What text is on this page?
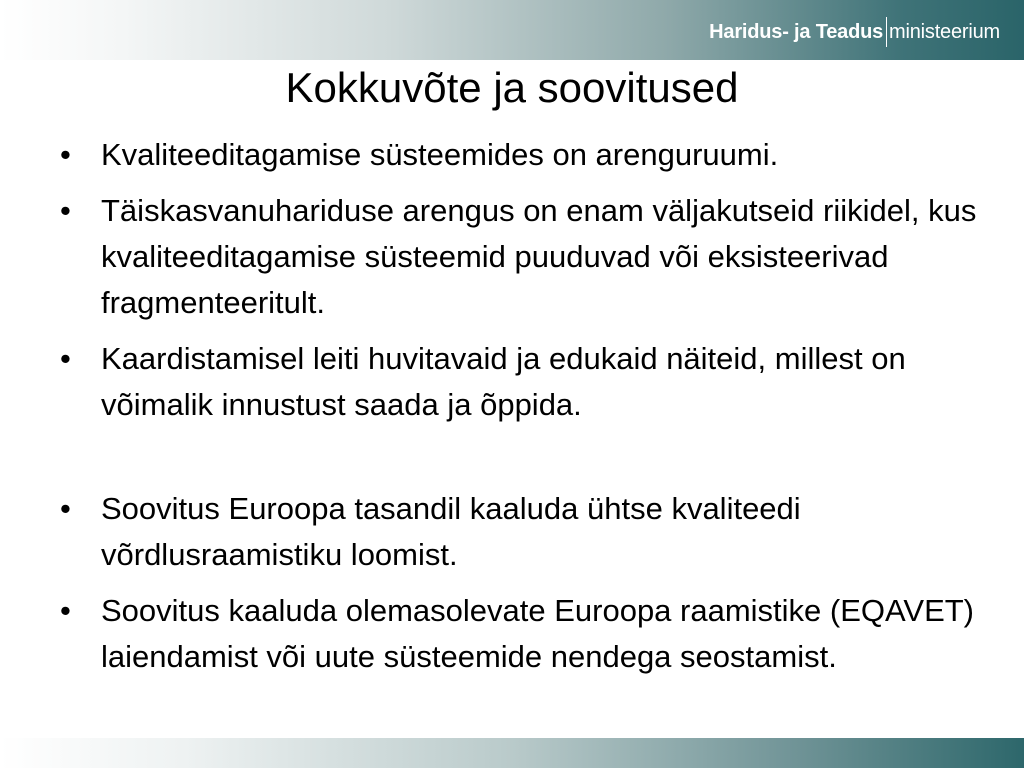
Haridus- ja Teadus ministeerium
Kokkuvõte ja soovitused
• Kvaliteeditagamise süsteemides on arenguruumi.
• Täiskasvanuhariduse arengus on enam väljakutseid riikidel, kus kvaliteeditagamise süsteemid puuduvad või eksisteerivad fragmenteeritult.
• Kaardistamisel leiti huvitavaid ja edukaid näiteid, millest on võimalik innustust saada ja õppida.
• Soovitus Euroopa tasandil kaaluda ühtse kvaliteedi võrdlusraamistiku loomist.
• Soovitus kaaluda olemasolevate Euroopa raamistike (EQAVET) laiendamist või uute süsteemide nendega seostamist.
